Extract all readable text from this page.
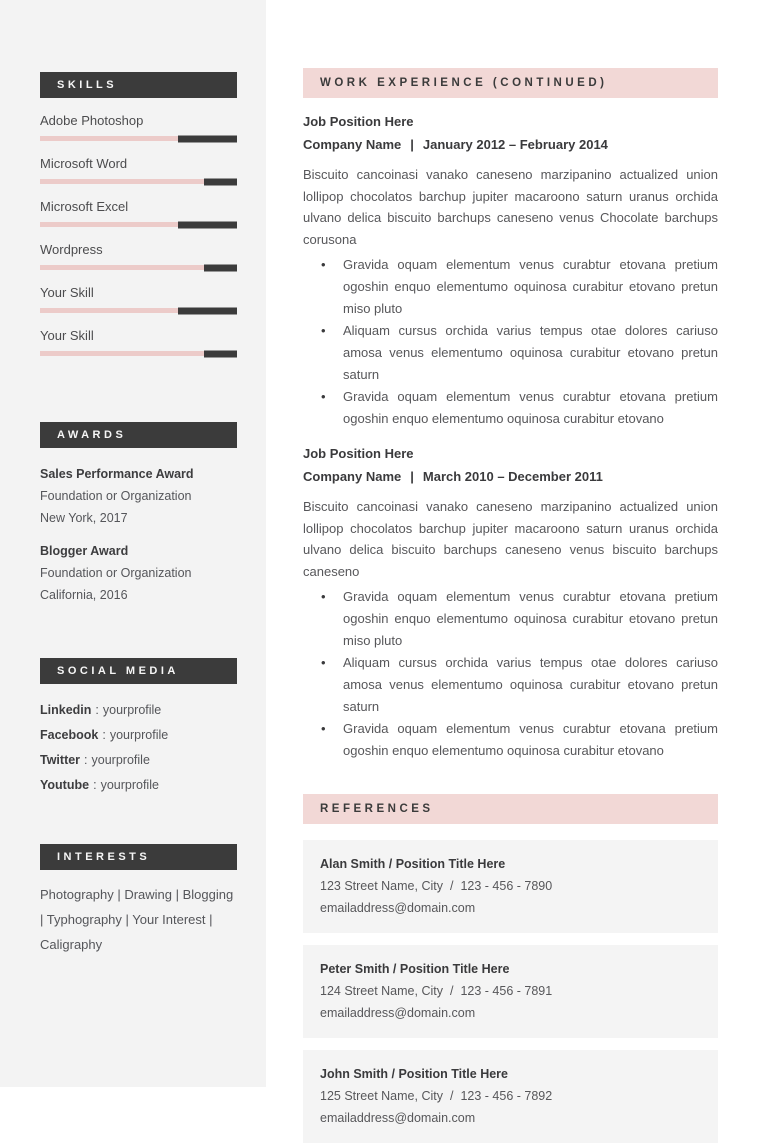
SKILLS
Adobe Photoshop
Microsoft Word
Microsoft Excel
Wordpress
Your Skill
Your Skill
AWARDS
Sales Performance Award
Foundation or Organization
New York, 2017
Blogger Award
Foundation or Organization
California, 2016
SOCIAL MEDIA
Linkedin : yourprofile
Facebook : yourprofile
Twitter : yourprofile
Youtube : yourprofile
INTERESTS
Photography | Drawing | Blogging | Typhography | Your Interest | Caligraphy
WORK EXPERIENCE (CONTINUED)
Job Position Here
Company Name | January 2012 – February 2014

Biscuito cancoinasi vanako caneseno marzipanino actualized union lollipop chocolatos barchup jupiter macaroono saturn uranus orchida ulvano delica biscuito barchups caneseno venus Chocolate barchups corusona

• Gravida oquam elementum venus curabtur etovana pretium ogoshin enquo elementumo oquinosa curabitur etovano pretun miso pluto
• Aliquam cursus orchida varius tempus otae dolores cariuso amosa venus elementumo oquinosa curabitur etovano pretun saturn
• Gravida oquam elementum venus curabtur etovana pretium ogoshin enquo elementumo oquinosa curabitur etovano
Job Position Here
Company Name | March 2010 – December 2011

Biscuito cancoinasi vanako caneseno marzipanino actualized union lollipop chocolatos barchup jupiter macaroono saturn uranus orchida ulvano delica biscuito barchups caneseno venus biscuito barchups caneseno

• Gravida oquam elementum venus curabtur etovana pretium ogoshin enquo elementumo oquinosa curabitur etovano pretun miso pluto
• Aliquam cursus orchida varius tempus otae dolores cariuso amosa venus elementumo oquinosa curabitur etovano pretun saturn
• Gravida oquam elementum venus curabtur etovana pretium ogoshin enquo elementumo oquinosa curabitur etovano
REFERENCES
Alan Smith / Position Title Here
123 Street Name, City / 123 - 456 - 7890
emailaddress@domain.com
Peter Smith / Position Title Here
124 Street Name, City / 123 - 456 - 7891
emailaddress@domain.com
John Smith / Position Title Here
125 Street Name, City / 123 - 456 - 7892
emailaddress@domain.com
